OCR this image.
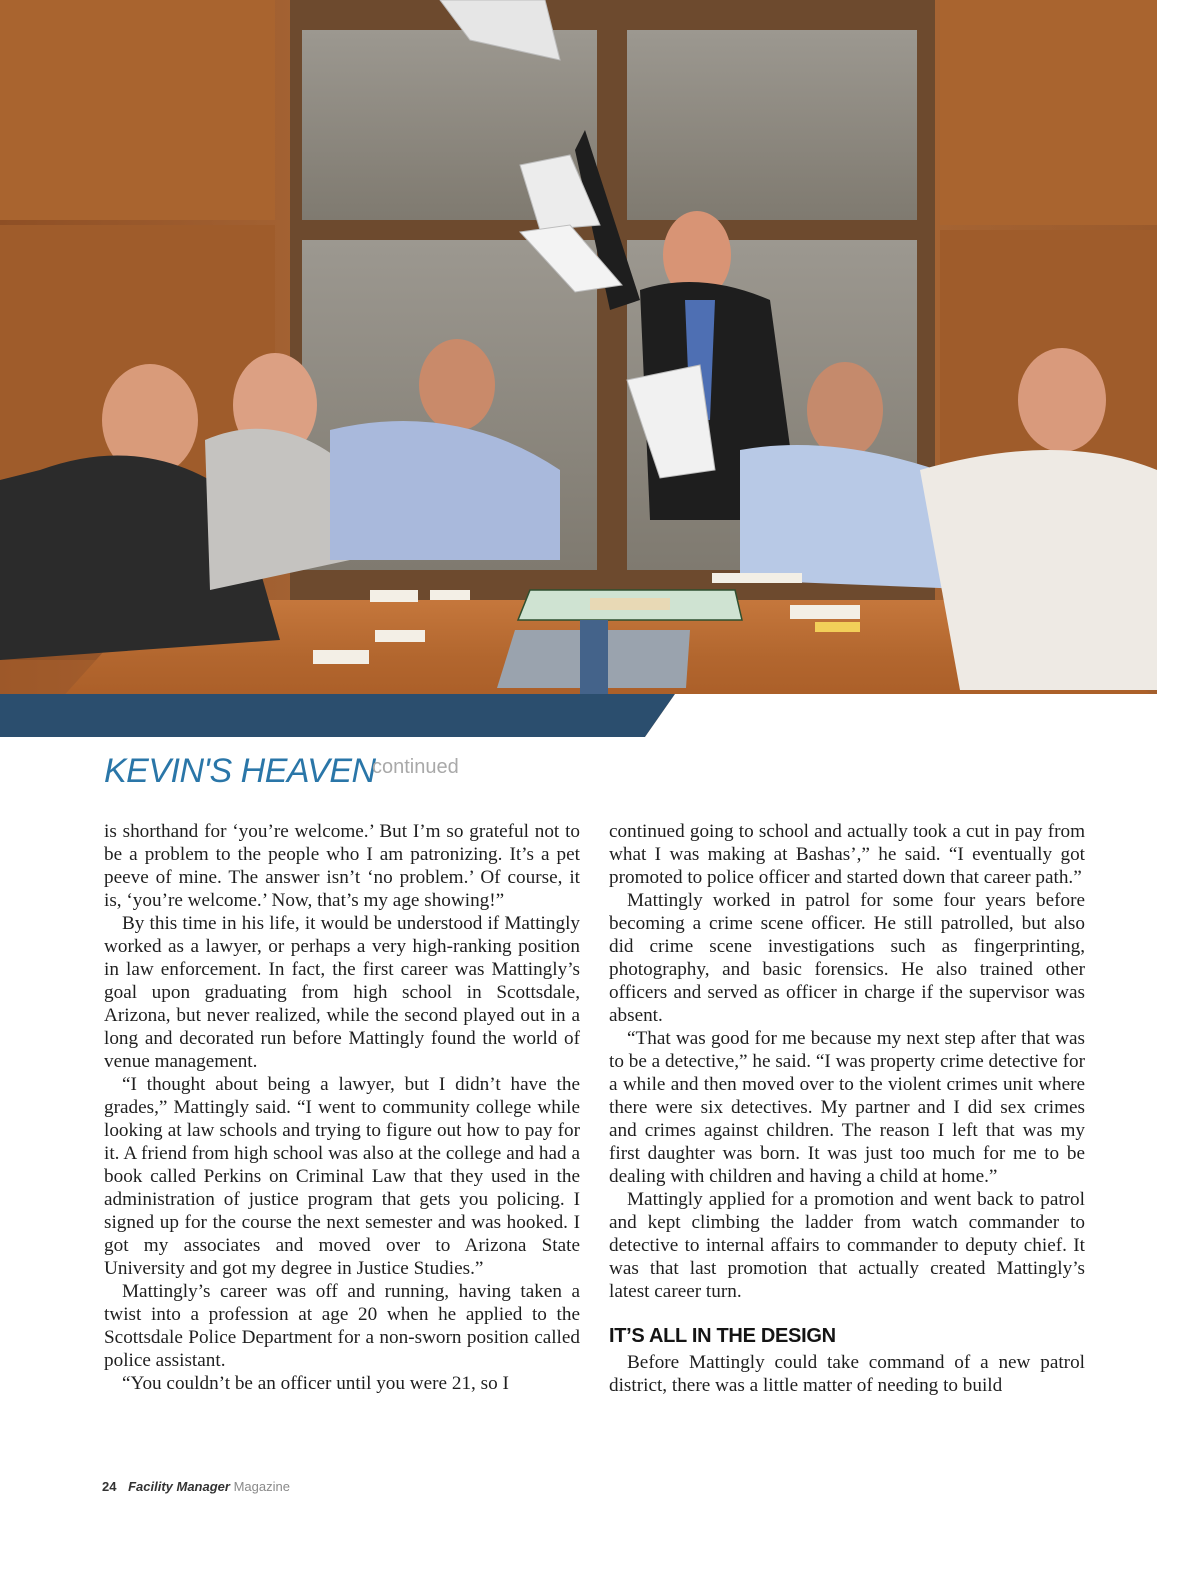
KEVIN'S HEAVEN
continued

is shorthand for ‘you’re welcome.’ But I’m so grateful not to be a problem to the people who I am patronizing. It’s a pet peeve of mine. The answer isn’t ‘no problem.’ Of course, it is, ‘you’re welcome.’ Now, that’s my age showing!”

By this time in his life, it would be understood if Mattingly worked as a lawyer, or perhaps a very high-ranking position in law enforcement. In fact, the first career was Mattingly’s goal upon graduating from high school in Scottsdale, Arizona, but never realized, while the second played out in a long and decorated run before Mattingly found the world of venue management.

“I thought about being a lawyer, but I didn’t have the grades,” Mattingly said. “I went to community college while looking at law schools and trying to figure out how to pay for it. A friend from high school was also at the college and had a book called Perkins on Criminal Law that they used in the administration of justice program that gets you policing. I signed up for the course the next semester and was hooked. I got my associates and moved over to Arizona State University and got my degree in Justice Studies.”

Mattingly’s career was off and running, having taken a twist into a profession at age 20 when he applied to the Scottsdale Police Department for a non-sworn position called police assistant.

“You couldn’t be an officer until you were 21, so I

continued going to school and actually took a cut in pay from what I was making at Bashas’,” he said. “I eventually got promoted to police officer and started down that career path.”

Mattingly worked in patrol for some four years before becoming a crime scene officer. He still patrolled, but also did crime scene investigations such as fingerprinting, photography, and basic forensics. He also trained other officers and served as officer in charge if the supervisor was absent.

“That was good for me because my next step after that was to be a detective,” he said. “I was property crime detective for a while and then moved over to the violent crimes unit where there were six detectives. My partner and I did sex crimes and crimes against children. The reason I left that was my first daughter was born. It was just too much for me to be dealing with children and having a child at home.”

Mattingly applied for a promotion and went back to patrol and kept climbing the ladder from watch commander to detective to internal affairs to commander to deputy chief. It was that last promotion that actually created Mattingly’s latest career turn.

IT’S ALL IN THE DESIGN

Before Mattingly could take command of a new patrol district, there was a little matter of needing to build

24 Facility Manager Magazine
